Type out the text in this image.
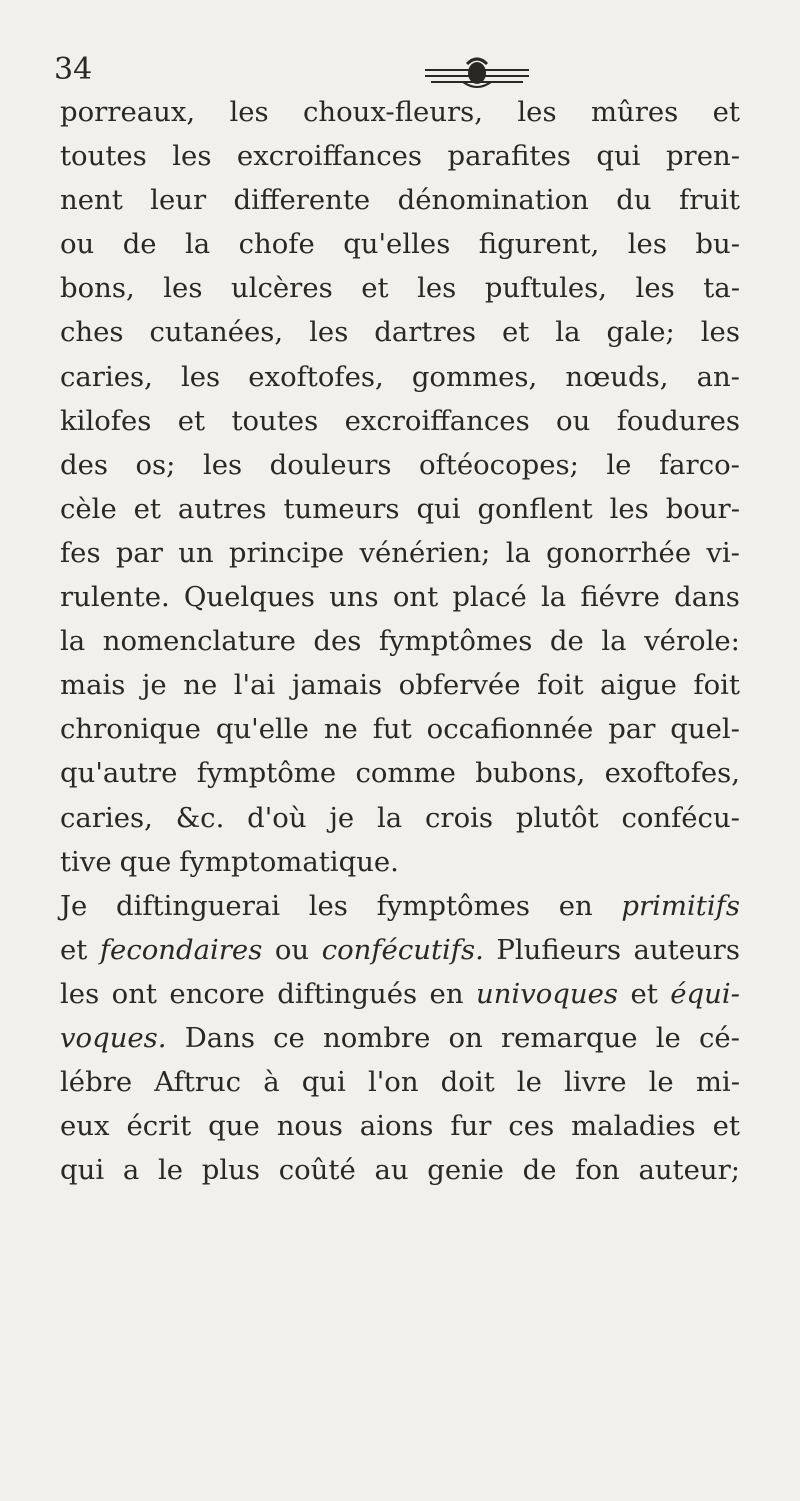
34
porreaux, les choux-fleurs, les mûres et
toutes les excroiffances parafites qui pren-
nent leur differente dénomination du fruit
ou de la chofe qu'elles figurent, les bu-
bons, les ulcères et les puftules, les ta-
ches cutanées, les dartres et la gale; les
caries, les exoftofes, gommes, nœuds, an-
kilofes et toutes excroiffances ou foudures
des os; les douleurs oftéocopes; le farco-
cèle et autres tumeurs qui gonflent les bour-
fes par un principe vénérien; la gonorrhée vi-
rulente. Quelques uns ont placé la fiévre dans
la nomenclature des fymptômes de la vérole:
mais je ne l'ai jamais obfervée foit aigue foit
chronique qu'elle ne fut occafionnée par quel-
qu'autre fymptôme comme bubons, exoftofes,
caries, &c. d'où je la crois plutôt confécu-
tive que fymptomatique.
Je diftinguerai les fymptômes en primitifs
et fecondaires ou confécutifs. Plufieurs auteurs
les ont encore diftingués en univoques et équi-
voques. Dans ce nombre on remarque le cé-
lébre Aftruc à qui l'on doit le livre le mi-
eux écrit que nous aions fur ces maladies et
qui a le plus coûté au genie de fon auteur;
